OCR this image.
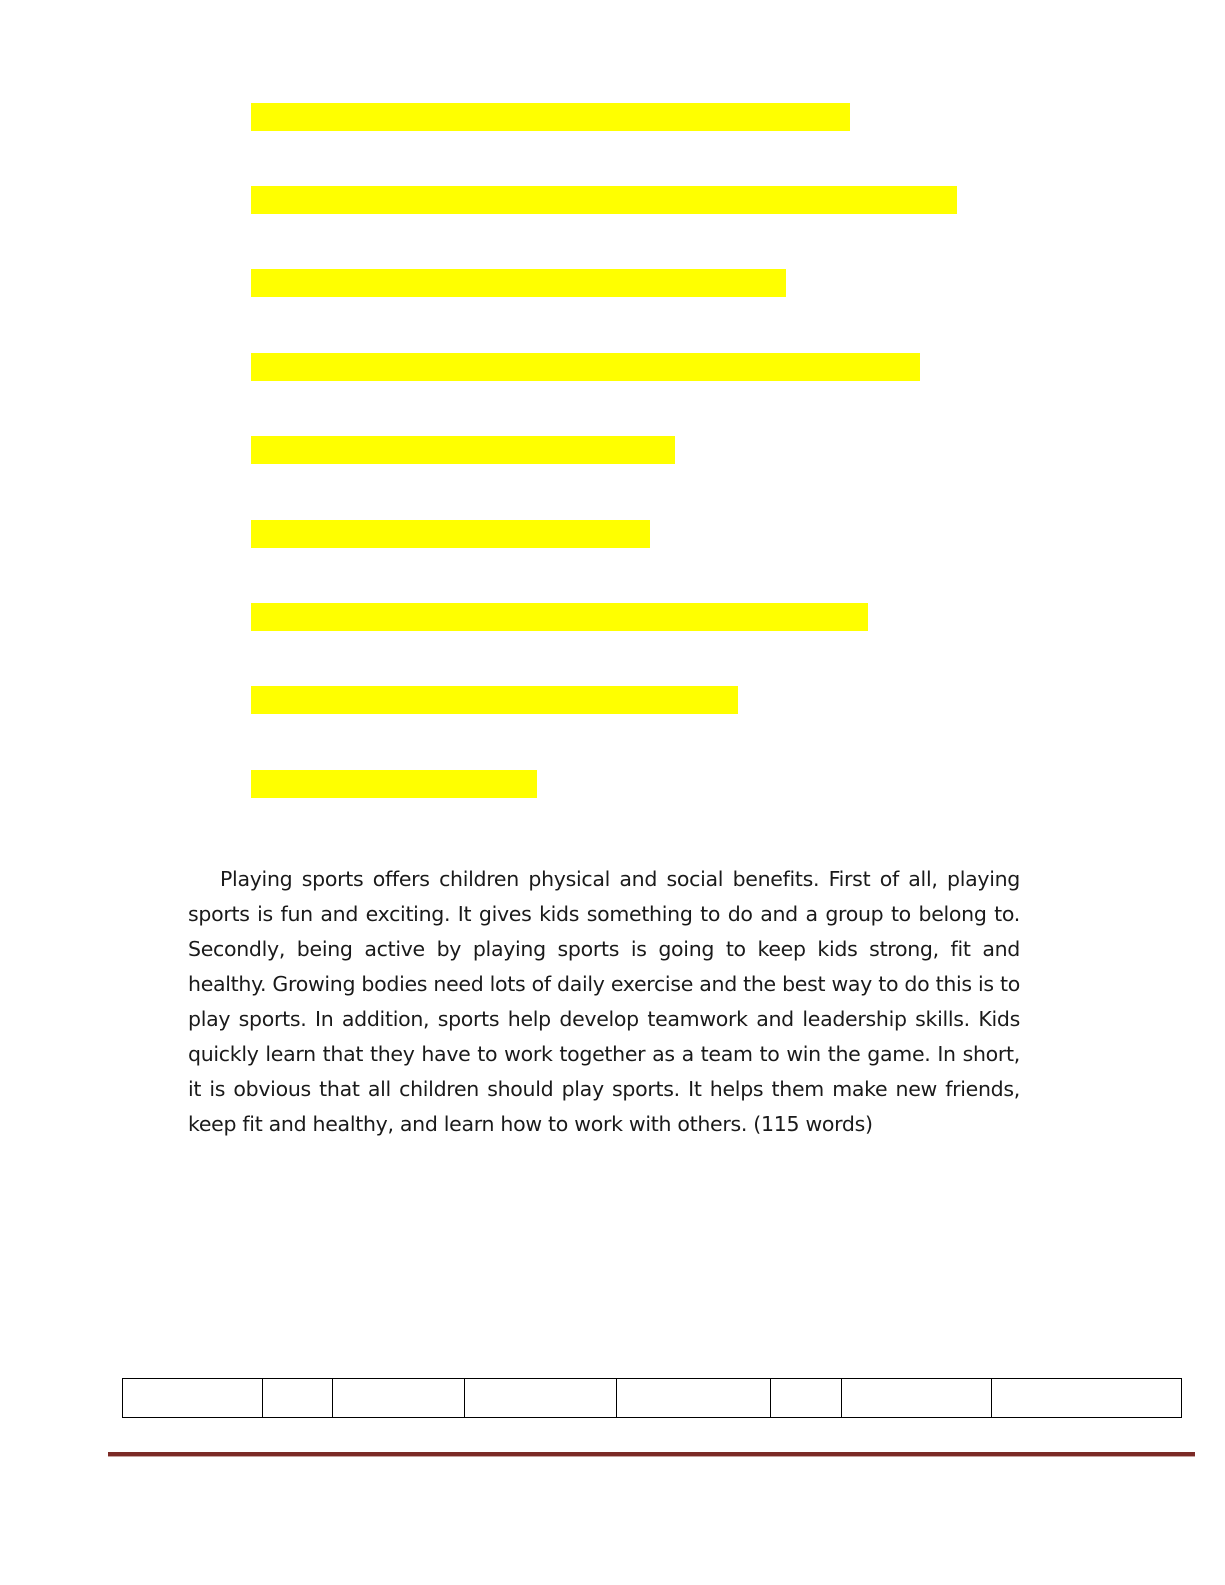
Playing sports offers children physical and social benefits. First of all, playing sports is fun and exciting. It gives kids something to do and a group to belong to. Secondly, being active by playing sports is going to keep kids strong, fit and healthy. Growing bodies need lots of daily exercise and the best way to do this is to play sports. In addition, sports help develop teamwork and leadership skills. Kids quickly learn that they have to work together as a team to win the game. In short, it is obvious that all children should play sports. It helps them make new friends, keep fit and healthy, and learn how to work with others. (115 words)
